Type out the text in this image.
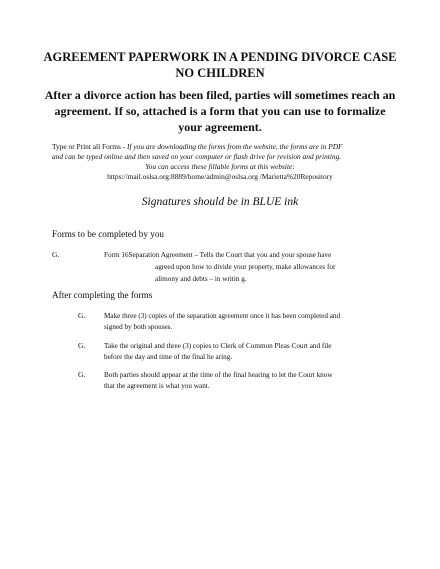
AGREEMENT PAPERWORK IN A PENDING DIVORCE CASE
NO CHILDREN
After a divorce action has been filed, parties will sometimes reach an
agreement. If so, attached is a form that you can use to formalize
your agreement.
Type or Print all Forms - If you are downloading the forms from the website, the forms are in PDF
and can be typed online and then saved on your computer or flash drive for revision and printing.
You can access these fillable forms at this website:
https://mail.oslsa.org:8889/home/admin@oslsa.org /Marietta%20Repository
Signatures should be in BLUE ink
Forms to be completed by you
G.	Form 16Separation Agreement – Tells the Court that you and your spouse have
agreed upon how to divide your property, make allowances for
alimony and debts – in writin g.
After completing the forms
G.	Make three (3) copies of the separation agreement once it has been completed and
signed by both spouses.
G.	Take the original and three (3) copies to Clerk of Common Pleas Court and file
before the day and time of the final he aring.
G.	Both parties should appear at the time of the final hearing to let the Court know
that the agreement is what you want.
